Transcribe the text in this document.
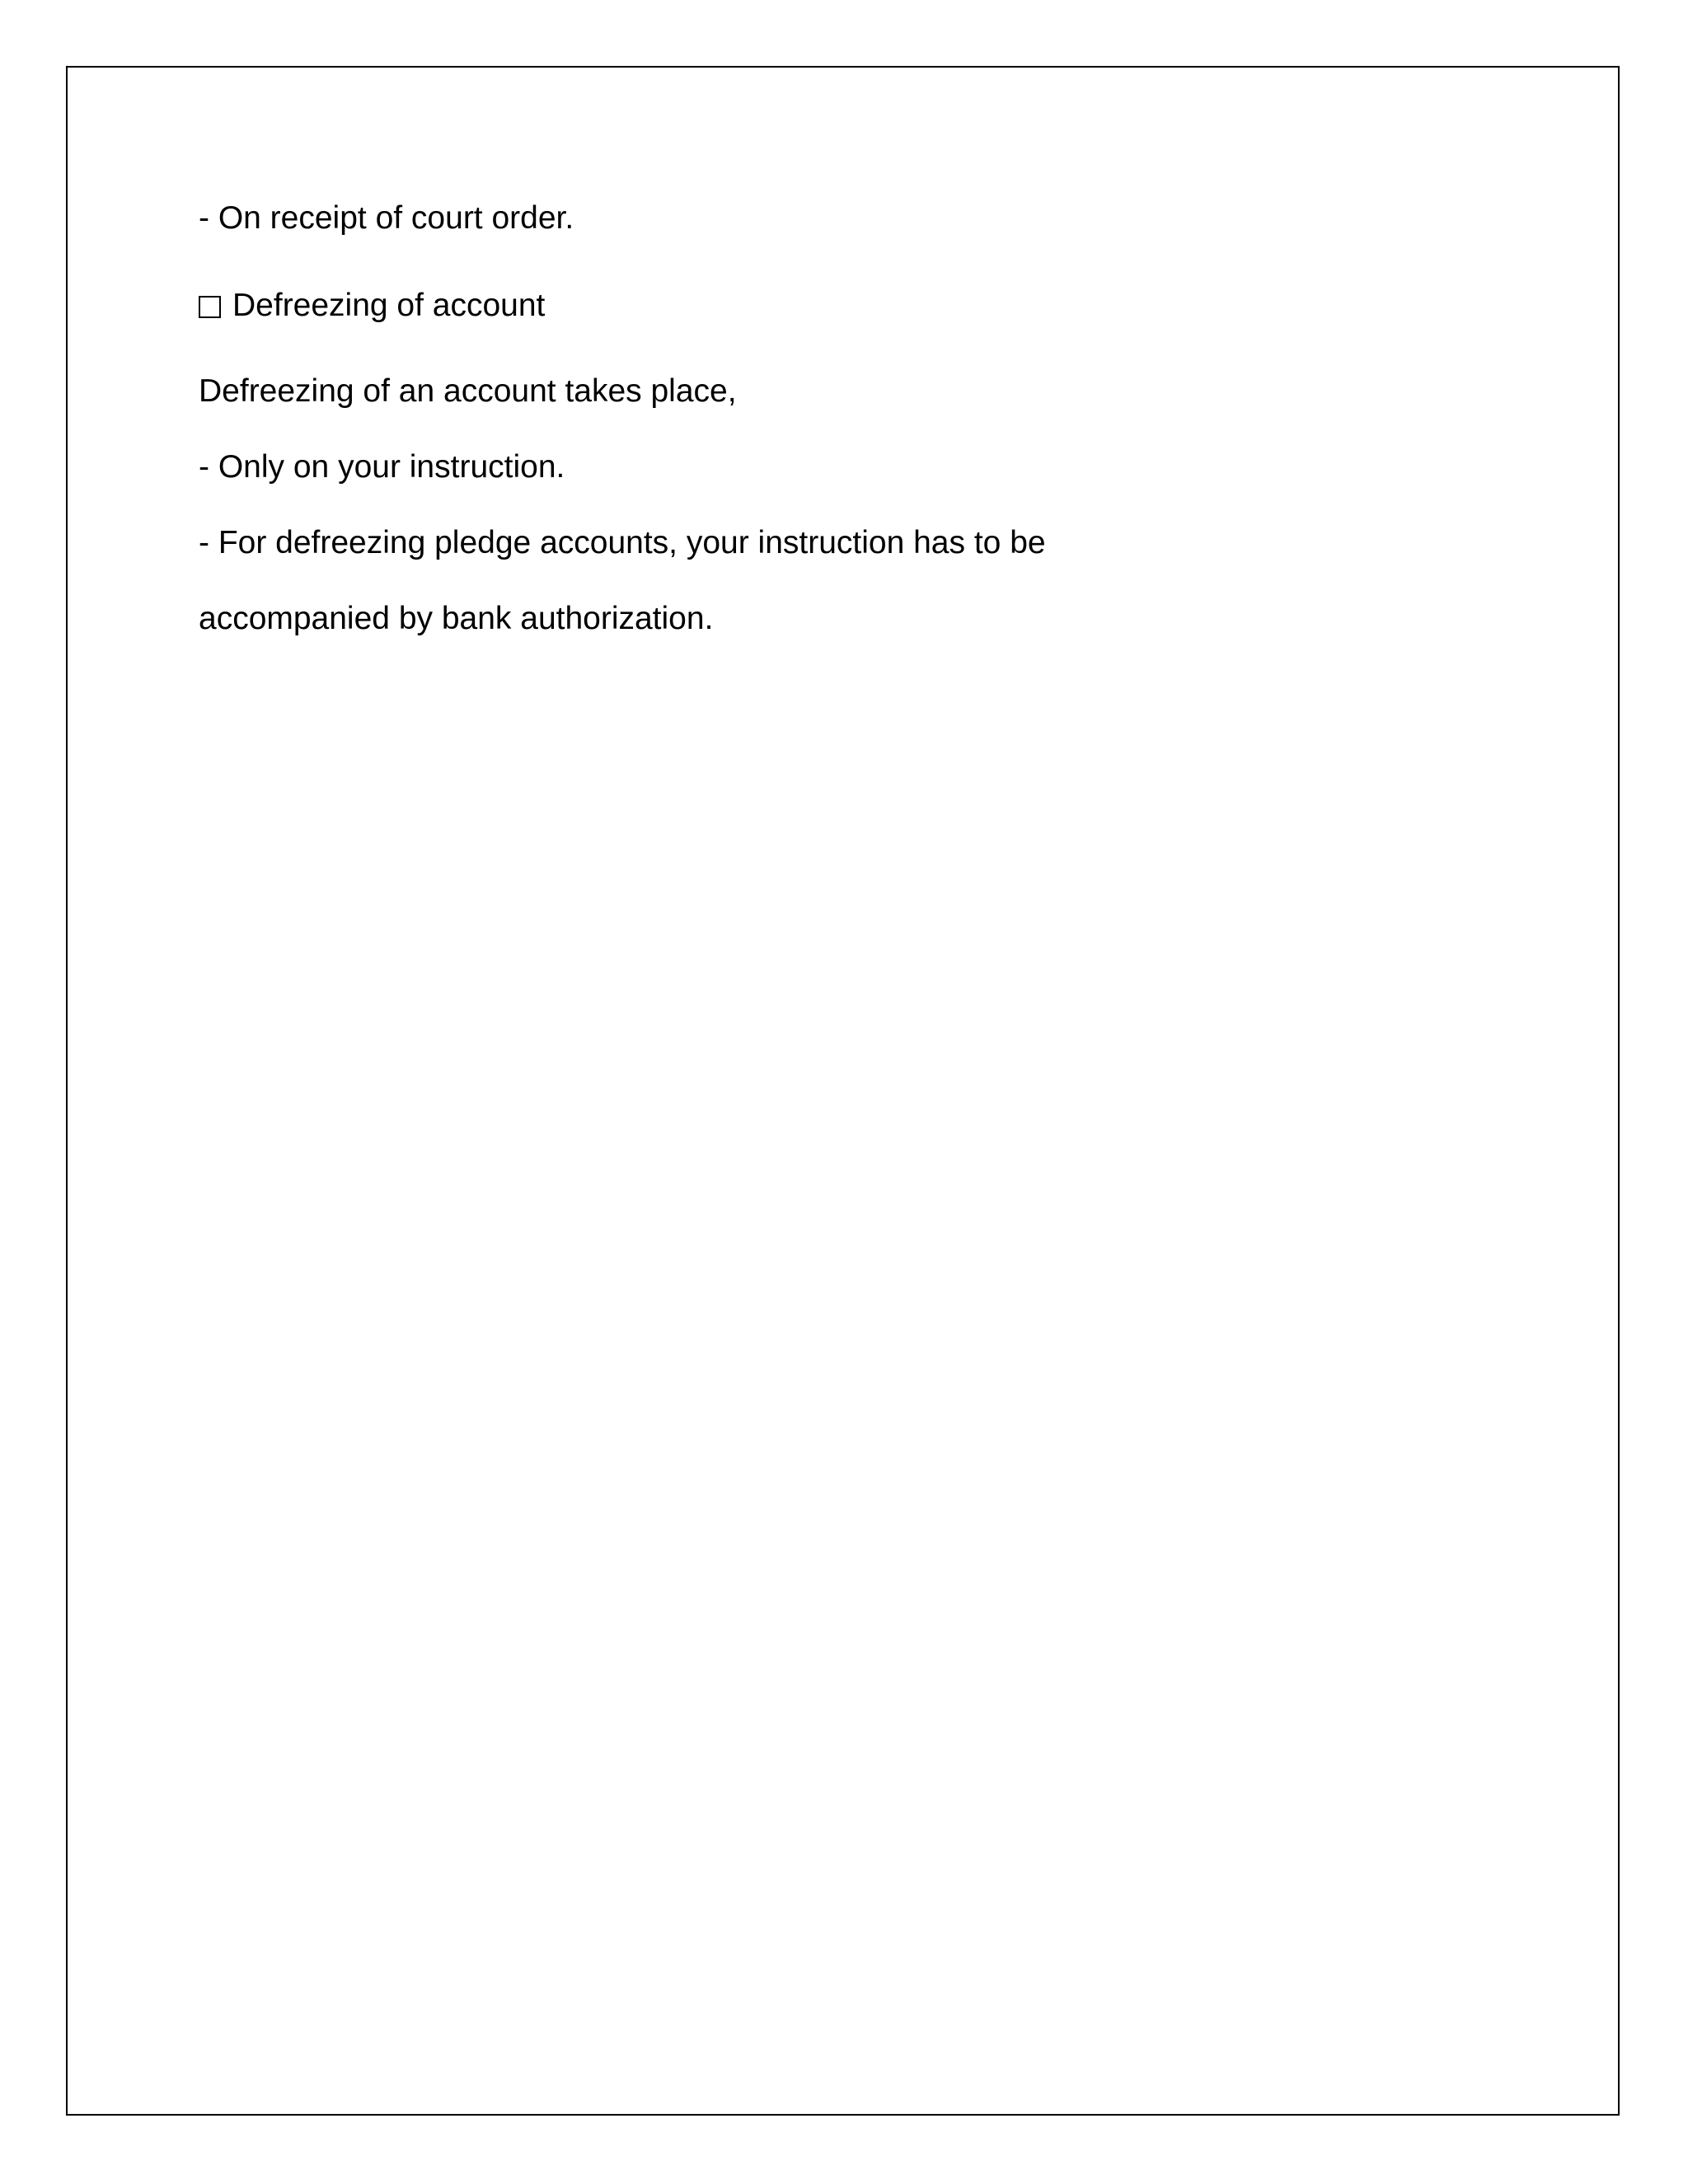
- On receipt of court order.
Defreezing of account
Defreezing of an account takes place,
- Only on your instruction.
- For defreezing pledge accounts, your instruction has to be
accompanied by bank authorization.
